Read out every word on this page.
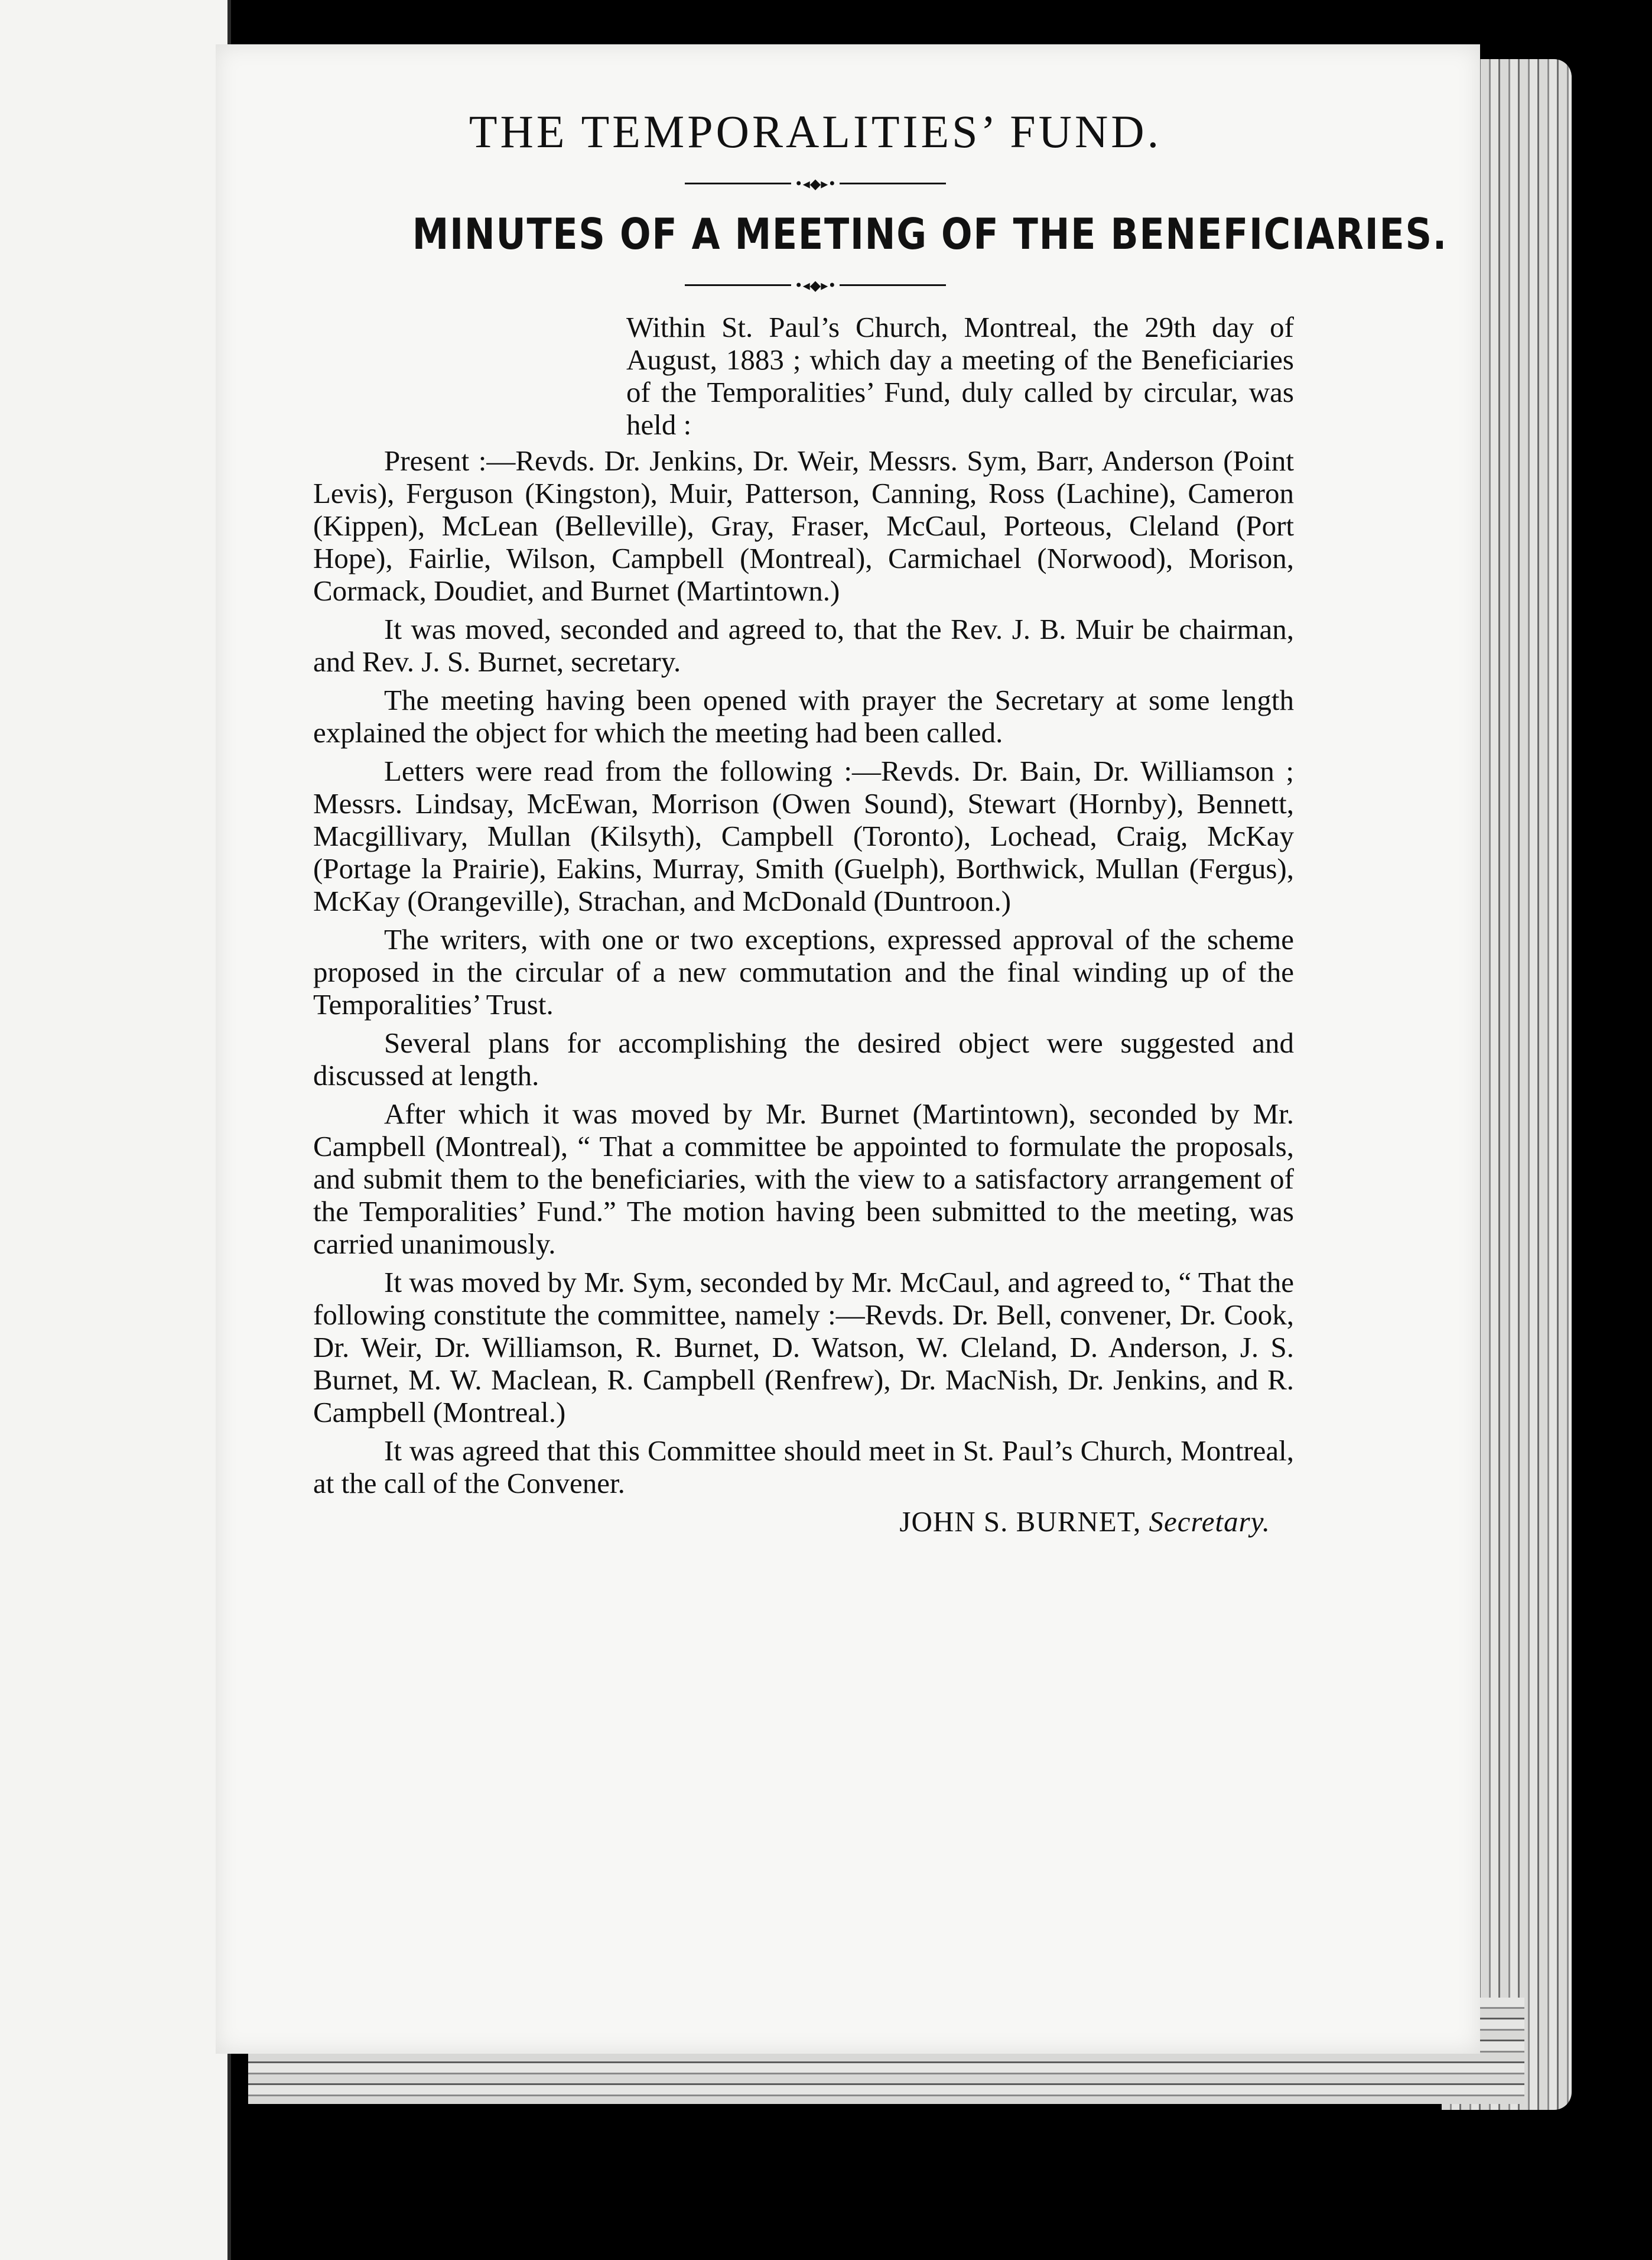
THE TEMPORALITIES’ FUND.
•◂◆▸•
MINUTES OF A MEETING OF THE BENEFICIARIES.
•◂◆▸•

Within St. Paul’s Church, Montreal, the 29th day of August, 1883 ; which day a meeting of the Beneficiaries of the Temporalities’ Fund, duly called by circular, was held :

Present :—Revds. Dr. Jenkins, Dr. Weir, Messrs. Sym, Barr, Anderson (Point Levis), Ferguson (Kingston), Muir, Patterson, Canning, Ross (Lachine), Cameron (Kippen), McLean (Belleville), Gray, Fraser, McCaul, Porteous, Cleland (Port Hope), Fairlie, Wilson, Campbell (Montreal), Carmichael (Norwood), Morison, Cormack, Doudiet, and Burnet (Martintown.)

It was moved, seconded and agreed to, that the Rev. J. B. Muir be chairman, and Rev. J. S. Burnet, secretary.

The meeting having been opened with prayer the Secretary at some length explained the object for which the meeting had been called.

Letters were read from the following :—Revds. Dr. Bain, Dr. Williamson ; Messrs. Lindsay, McEwan, Morrison (Owen Sound), Stewart (Hornby), Bennett, Macgillivary, Mullan (Kilsyth), Campbell (Toronto), Lochead, Craig, McKay (Portage la Prairie), Eakins, Murray, Smith (Guelph), Borthwick, Mullan (Fergus), McKay (Orangeville), Strachan, and McDonald (Duntroon.)

The writers, with one or two exceptions, expressed approval of the scheme proposed in the circular of a new commutation and the final winding up of the Temporalities’ Trust.

Several plans for accomplishing the desired object were suggested and discussed at length.

After which it was moved by Mr. Burnet (Martintown), seconded by Mr. Campbell (Montreal), “ That a committee be appointed to formulate the proposals, and submit them to the beneficiaries, with the view to a satisfactory arrangement of the Temporalities’ Fund.” The motion having been submitted to the meeting, was carried unanimously.

It was moved by Mr. Sym, seconded by Mr. McCaul, and agreed to, “ That the following constitute the committee, namely :—Revds. Dr. Bell, convener, Dr. Cook, Dr. Weir, Dr. Williamson, R. Burnet, D. Watson, W. Cleland, D. Anderson, J. S. Burnet, M. W. Maclean, R. Campbell (Renfrew), Dr. MacNish, Dr. Jenkins, and R. Campbell (Montreal.)

It was agreed that this Committee should meet in St. Paul’s Church, Montreal, at the call of the Convener.

JOHN S. BURNET, Secretary.
